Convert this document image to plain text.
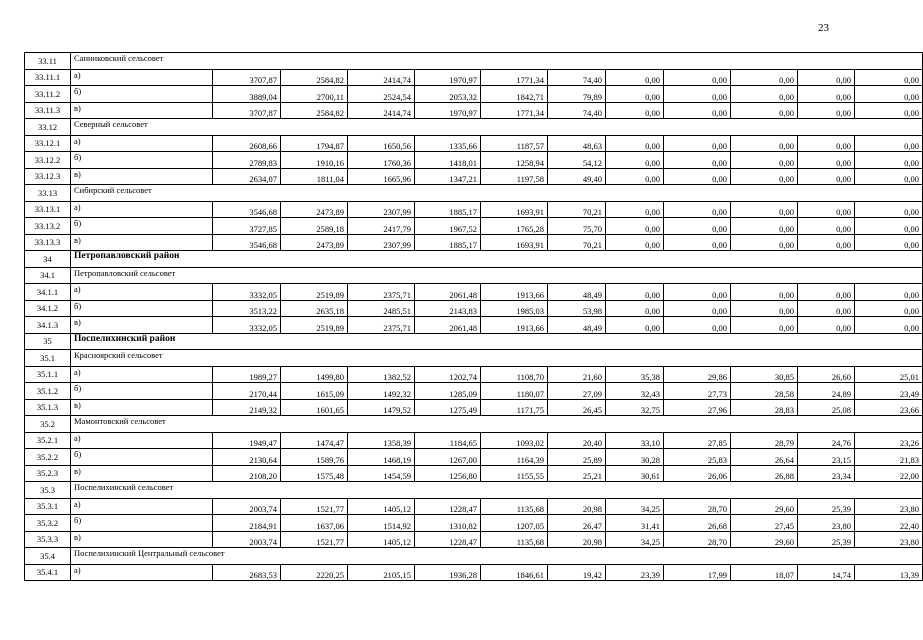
23
33.11	Санниковский сельсовет											
33.11.1	а)	3707,87	2584,82	2414,74	1970,97	1771,34	74,40	0,00	0,00	0,00	0,00	0,00
33.11.2	б)	3889,04	2700,11	2524,54	2053,32	1842,71	79,89	0,00	0,00	0,00	0,00	0,00
33.11.3	в)	3707,87	2584,82	2414,74	1970,97	1771,34	74,40	0,00	0,00	0,00	0,00	0,00
33.12	Северный сельсовет											
33.12.1	а)	2608,66	1794,87	1650,56	1335,66	1187,57	48,63	0,00	0,00	0,00	0,00	0,00
33.12.2	б)	2789,83	1910,16	1760,36	1418,01	1258,94	54,12	0,00	0,00	0,00	0,00	0,00
33.12.3	в)	2634,07	1811,04	1665,96	1347,21	1197,58	49,40	0,00	0,00	0,00	0,00	0,00
33.13	Сибирский сельсовет											
33.13.1	а)	3546,68	2473,89	2307,99	1885,17	1693,91	70,21	0,00	0,00	0,00	0,00	0,00
33.13.2	б)	3727,85	2589,18	2417,79	1967,52	1765,28	75,70	0,00	0,00	0,00	0,00	0,00
33.13.3	в)	3546,68	2473,89	2307,99	1885,17	1693,91	70,21	0,00	0,00	0,00	0,00	0,00
34	Петропавловский район											
34.1	Петропавловский сельсовет											
34.1.1	а)	3332,05	2519,89	2375,71	2061,48	1913,66	48,49	0,00	0,00	0,00	0,00	0,00
34.1.2	б)	3513,22	2635,18	2485,51	2143,83	1985,03	53,98	0,00	0,00	0,00	0,00	0,00
34.1.3	в)	3332,05	2519,89	2375,71	2061,48	1913,66	48,49	0,00	0,00	0,00	0,00	0,00
35	Поспелихинский район											
35.1	Красноярский сельсовет											
35.1.1	а)	1989,27	1499,80	1382,52	1202,74	1108,70	21,60	35,38	29,86	30,85	26,60	25,01
35.1.2	б)	2170,44	1615,09	1492,32	1285,09	1180,07	27,09	32,43	27,73	28,58	24,89	23,49
35.1.3	в)	2149,32	1601,65	1479,52	1275,49	1171,75	26,45	32,75	27,96	28,83	25,08	23,66
35.2	Мамонтовский сельсовет											
35.2.1	а)	1949,47	1474,47	1358,39	1184,65	1093,02	20,40	33,10	27,85	28,79	24,76	23,26
35.2.2	б)	2130,64	1589,76	1468,19	1267,00	1164,39	25,89	30,28	25,83	26,64	23,15	21,83
35.2.3	в)	2108,20	1575,48	1454,59	1256,80	1155,55	25,21	30,61	26,06	26,88	23,34	22,00
35.3	Поспелихинский сельсовет											
35.3.1	а)	2003,74	1521,77	1405,12	1228,47	1135,68	20,98	34,25	28,70	29,60	25,39	23,80
35.3.2	б)	2184,91	1637,06	1514,92	1310,82	1207,05	26,47	31,41	26,68	27,45	23,80	22,40
35.3.3	в)	2003,74	1521,77	1405,12	1228,47	1135,68	20,98	34,25	28,70	29,60	25,39	23,80
35.4	Поспелихинский Центральный сельсовет											
35.4.1	а)	2683,53	2220,25	2105,15	1936,28	1846,61	19,42	23,39	17,99	18,07	14,74	13,39
